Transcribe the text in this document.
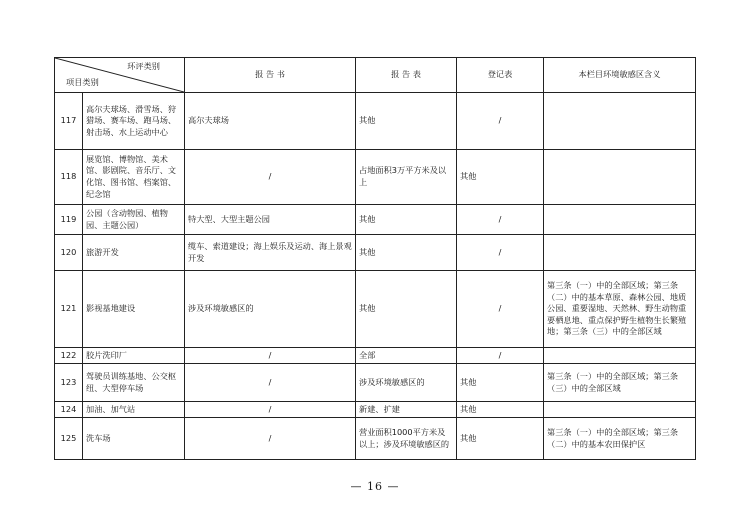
环评类别
项目类别		报 告 书	报 告 表	登记表	本栏目环境敏感区含义
117	高尔夫球场、滑雪场、狩猎场、赛车场、跑马场、射击场、水上运动中心	高尔夫球场	其他	/	
118	展览馆、博物馆、美术馆、影剧院、音乐厅、文化馆、图书馆、档案馆、纪念馆	/	占地面积3万平方米及以上	其他	
119	公园（含动物园、植物园、主题公园）	特大型、大型主题公园	其他	/	
120	旅游开发	缆车、索道建设；海上娱乐及运动、海上景观开发	其他	/	
121	影视基地建设	涉及环境敏感区的	其他	/	第三条（一）中的全部区域；第三条（二）中的基本草原、森林公园、地质公园、重要湿地、天然林、野生动物重要栖息地、重点保护野生植物生长繁殖地；第三条（三）中的全部区域
122	胶片洗印厂	/	全部	/	
123	驾驶员训练基地、公交枢纽、大型停车场	/	涉及环境敏感区的	其他	第三条（一）中的全部区域；第三条（三）中的全部区域
124	加油、加气站	/	新建、扩建	其他	
125	洗车场	/	营业面积1000平方米及以上；涉及环境敏感区的	其他	第三条（一）中的全部区域；第三条（二）中的基本农田保护区
— 16 —
